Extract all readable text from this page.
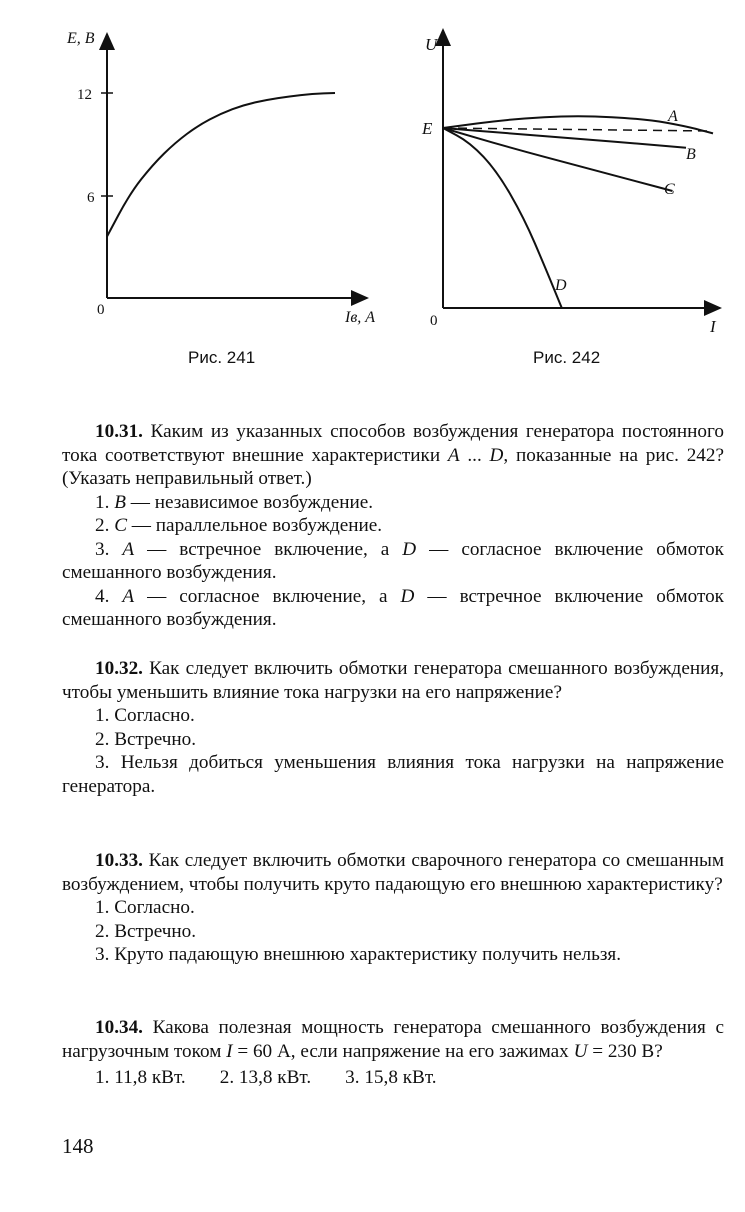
E, В
12
6
0	Iв, А
U
E
0	I
A
B
C
D
Рис. 241	Рис. 242

10.31. Каким из указанных способов возбуждения генератора постоянного тока соответствуют внешние характеристики A ... D, показанные на рис. 242? (Указать неправильный ответ.)

1. B — независимое возбуждение.

2. C — параллельное возбуждение.

3. A — встречное включение, а D — согласное включение обмоток смешанного возбуждения.

4. A — согласное включение, а D — встречное включение обмоток смешанного возбуждения.

10.32. Как следует включить обмотки генератора смешанного возбуждения, чтобы уменьшить влияние тока нагрузки на его напряжение?

1. Согласно.

2. Встречно.

3. Нельзя добиться уменьшения влияния тока нагрузки на напряжение генератора.

10.33. Как следует включить обмотки сварочного генератора со смешанным возбуждением, чтобы получить круто падающую его внешнюю характеристику?

1. Согласно.

2. Встречно.

3. Круто падающую внешнюю характеристику получить нельзя.

10.34. Какова полезная мощность генератора смешанного возбуждения с нагрузочным током I = 60 А, если напряжение на его зажимах U = 230 В?

1. 11,8 кВт. 2. 13,8 кВт. 3. 15,8 кВт.

148
